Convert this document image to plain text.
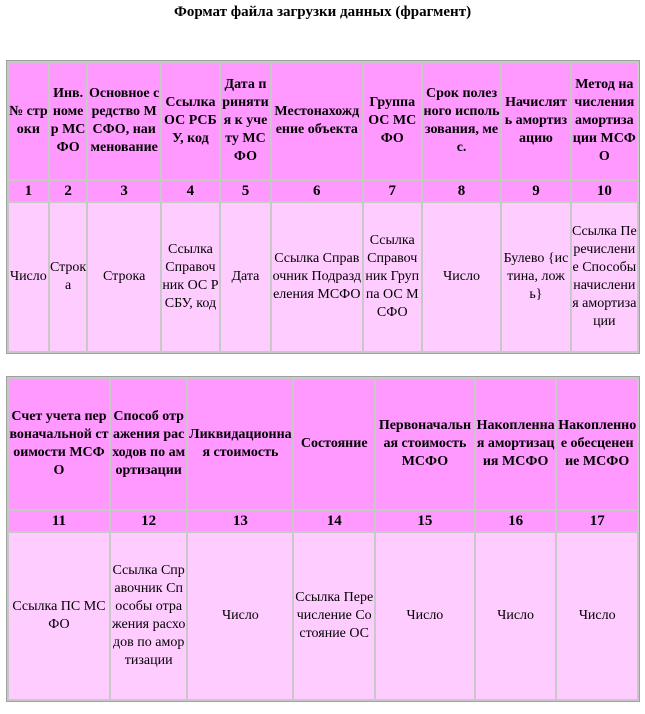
Формат файла загрузки данных (фрагмент)
№ строки	Инв. номер МСФО	Основное средство МСФО, наименование	Ссылка ОС РСБУ, код	Дата принятия к учету МСФО	Местонахождение объекта	Группа ОС МСФО	Срок полезного использования, мес.	Начислять амортизацию	Метод начисления амортизации МСФО
1	2	3	4	5	6	7	8	9	10
Число	Строка	Строка	Ссылка Справочник ОС РСБУ, код	Дата	Ссылка Справочник Подразделения МСФО	Ссылка Справочник Группа ОС МСФО	Число	Булево {истина, ложь}	Ссылка Перечисление Способы начисления амортизации
Счет учета первоначальной стоимости МСФО	Способ отражения расходов по амортизации	Ликвидационная стоимость	Состояние	Первоначальная стоимость МСФО	Накопленная амортизация МСФО	Накопленное обесценение МСФО
11	12	13	14	15	16	17
Ссылка ПС МСФО	Ссылка Справочник Способы отражения расходов по амортизации	Число	Ссылка Перечисление Состояние ОС	Число	Число	Число
